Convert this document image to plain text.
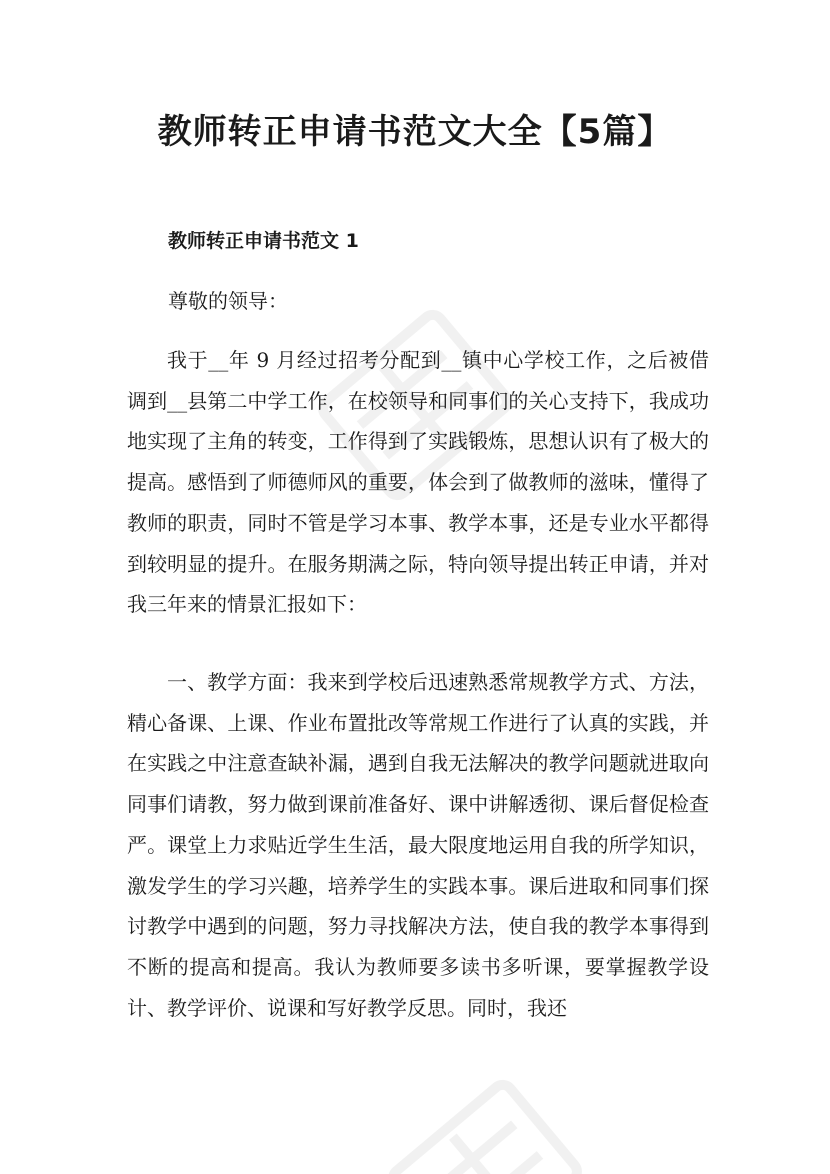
教师转正申请书范文大全【5篇】
教师转正申请书范文 1
尊敬的领导：

我于__年 9 月经过招考分配到__镇中心学校工作，之后被借调到__县第二中学工作，在校领导和同事们的关心支持下，我成功地实现了主角的转变，工作得到了实践锻炼，思想认识有了极大的提高。感悟到了师德师风的重要，体会到了做教师的滋味，懂得了教师的职责，同时不管是学习本事、教学本事，还是专业水平都得到较明显的提升。在服务期满之际，特向领导提出转正申请，并对我三年来的情景汇报如下：

一、教学方面：我来到学校后迅速熟悉常规教学方式、方法，精心备课、上课、作业布置批改等常规工作进行了认真的实践，并在实践之中注意查缺补漏，遇到自我无法解决的教学问题就进取向同事们请教，努力做到课前准备好、课中讲解透彻、课后督促检查严。课堂上力求贴近学生生活，最大限度地运用自我的所学知识，激发学生的学习兴趣，培养学生的实践本事。课后进取和同事们探讨教学中遇到的问题，努力寻找解决方法，使自我的教学本事得到不断的提高和提高。我认为教师要多读书多听课，要掌握教学设计、教学评价、说课和写好教学反思。同时，我还
